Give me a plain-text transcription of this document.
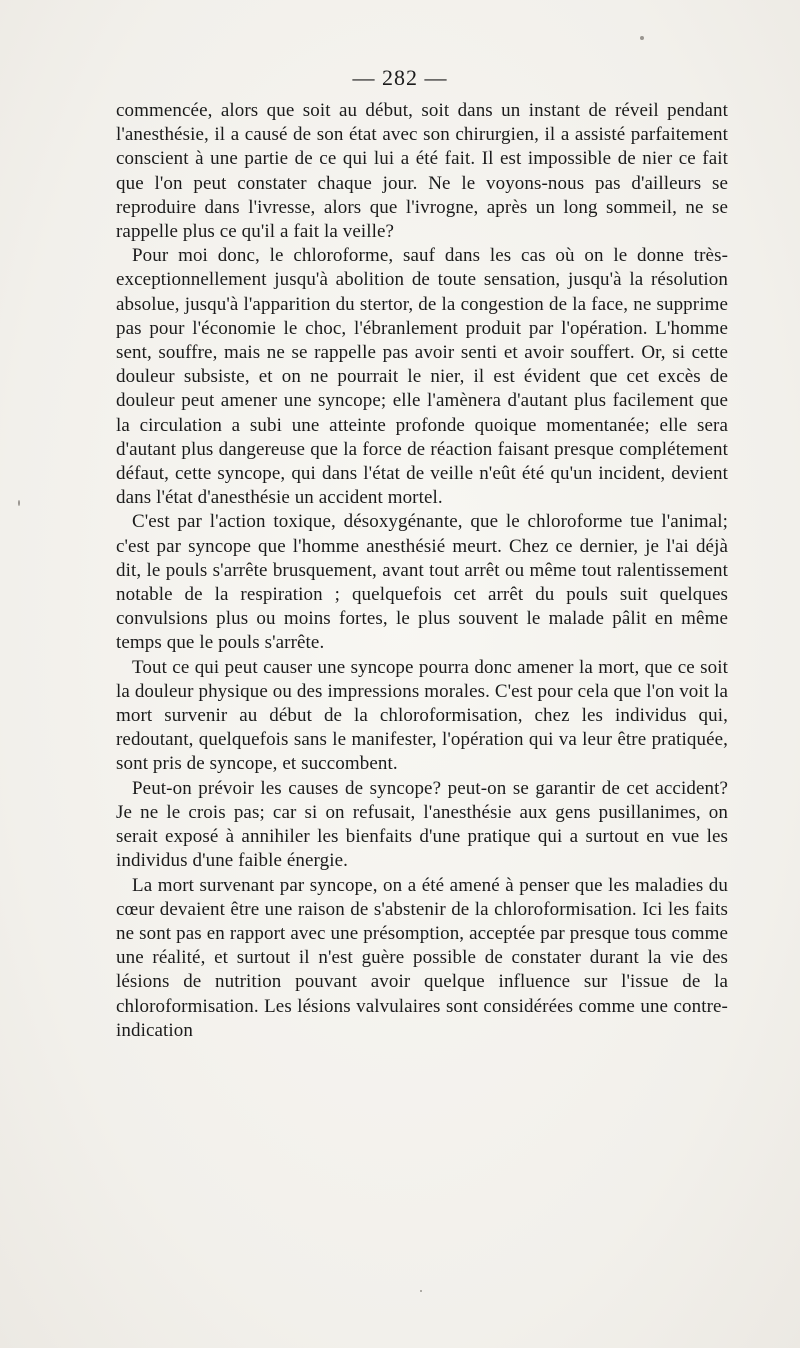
— 282 —

commencée, alors que soit au début, soit dans un instant de réveil pendant l'anesthésie, il a causé de son état avec son chirurgien, il a assisté parfaitement conscient à une partie de ce qui lui a été fait. Il est impossible de nier ce fait que l'on peut constater chaque jour. Ne le voyons-nous pas d'ailleurs se reproduire dans l'ivresse, alors que l'ivrogne, après un long sommeil, ne se rappelle plus ce qu'il a fait la veille?

Pour moi donc, le chloroforme, sauf dans les cas où on le donne très-exceptionnellement jusqu'à abolition de toute sensation, jusqu'à la résolution absolue, jusqu'à l'apparition du stertor, de la congestion de la face, ne supprime pas pour l'économie le choc, l'ébranlement produit par l'opération. L'homme sent, souffre, mais ne se rappelle pas avoir senti et avoir souffert. Or, si cette douleur subsiste, et on ne pourrait le nier, il est évident que cet excès de douleur peut amener une syncope; elle l'amènera d'autant plus facilement que la circulation a subi une atteinte profonde quoique momentanée; elle sera d'autant plus dangereuse que la force de réaction faisant presque complétement défaut, cette syncope, qui dans l'état de veille n'eût été qu'un incident, devient dans l'état d'anesthésie un accident mortel.

C'est par l'action toxique, désoxygénante, que le chloroforme tue l'animal; c'est par syncope que l'homme anesthésié meurt. Chez ce dernier, je l'ai déjà dit, le pouls s'arrête brusquement, avant tout arrêt ou même tout ralentissement notable de la respiration ; quelquefois cet arrêt du pouls suit quelques convulsions plus ou moins fortes, le plus souvent le malade pâlit en même temps que le pouls s'arrête.

Tout ce qui peut causer une syncope pourra donc amener la mort, que ce soit la douleur physique ou des impressions morales. C'est pour cela que l'on voit la mort survenir au début de la chloroformisation, chez les individus qui, redoutant, quelquefois sans le manifester, l'opération qui va leur être pratiquée, sont pris de syncope, et succombent.

Peut-on prévoir les causes de syncope? peut-on se garantir de cet accident? Je ne le crois pas; car si on refusait, l'anesthésie aux gens pusillanimes, on serait exposé à annihiler les bienfaits d'une pratique qui a surtout en vue les individus d'une faible énergie.

La mort survenant par syncope, on a été amené à penser que les maladies du cœur devaient être une raison de s'abstenir de la chloroformisation. Ici les faits ne sont pas en rapport avec une présomption, acceptée par presque tous comme une réalité, et surtout il n'est guère possible de constater durant la vie des lésions de nutrition pouvant avoir quelque influence sur l'issue de la chloroformisation. Les lésions valvulaires sont considérées comme une contre-indication
